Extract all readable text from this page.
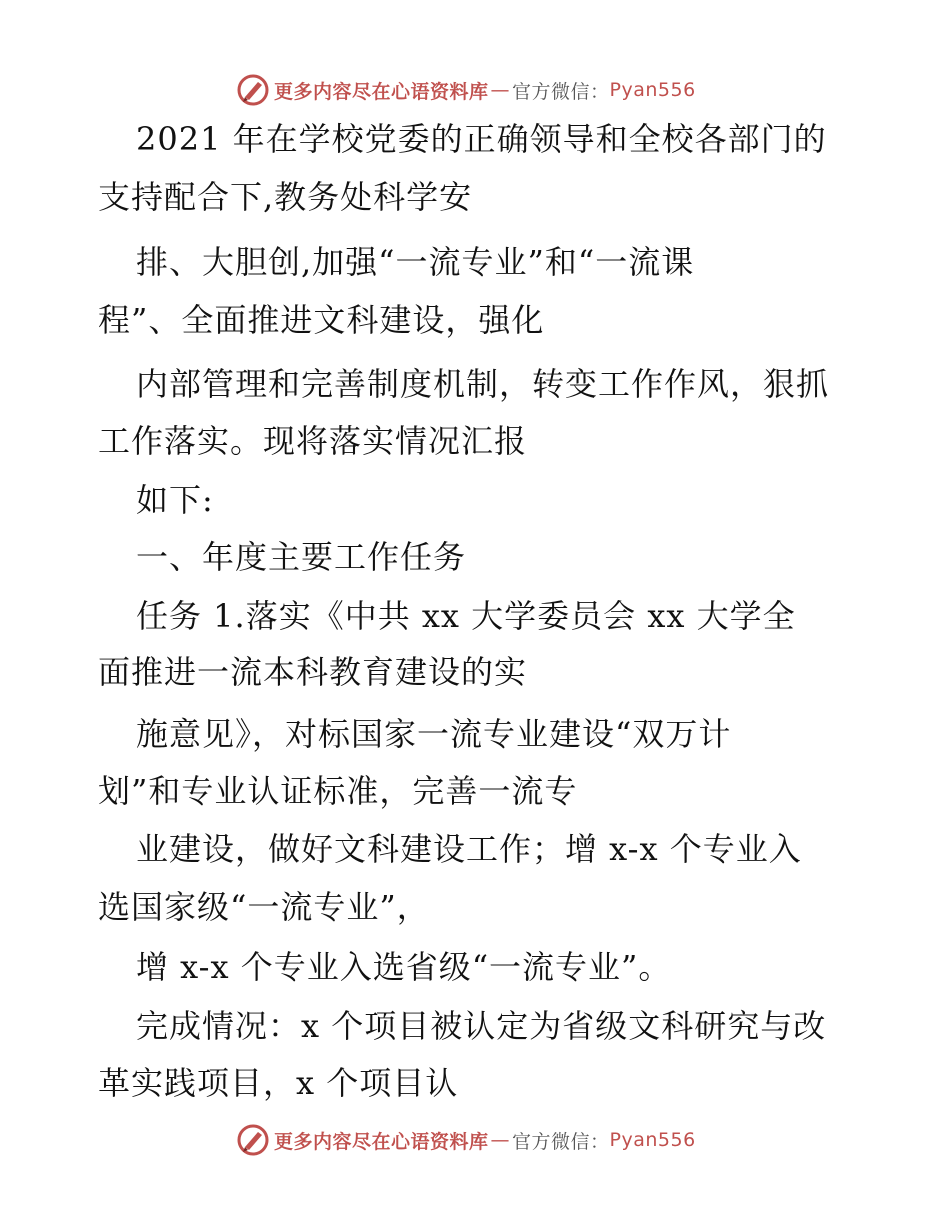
更多内容尽在心语资料库 — 官方微信： Pyan556
2021 年在学校党委的正确领导和全校各部门的
支持配合下,教务处科学安
排、大胆创,加强“一流专业”和“一流课
程”、全面推进文科建设，强化
内部管理和完善制度机制，转变工作作风，狠抓
工作落实。现将落实情况汇报
如下:
一、年度主要工作任务
任务 1.落实《中共 xx 大学委员会 xx 大学全
面推进一流本科教育建设的实
施意见》，对标国家一流专业建设“双万计
划”和专业认证标准，完善一流专
业建设，做好文科建设工作；增 x-x 个专业入
选国家级“一流专业”，
增 x-x 个专业入选省级“一流专业”。
完成情况：x 个项目被认定为省级文科研究与改
革实践项目，x 个项目认
更多内容尽在心语资料库 — 官方微信： Pyan556
